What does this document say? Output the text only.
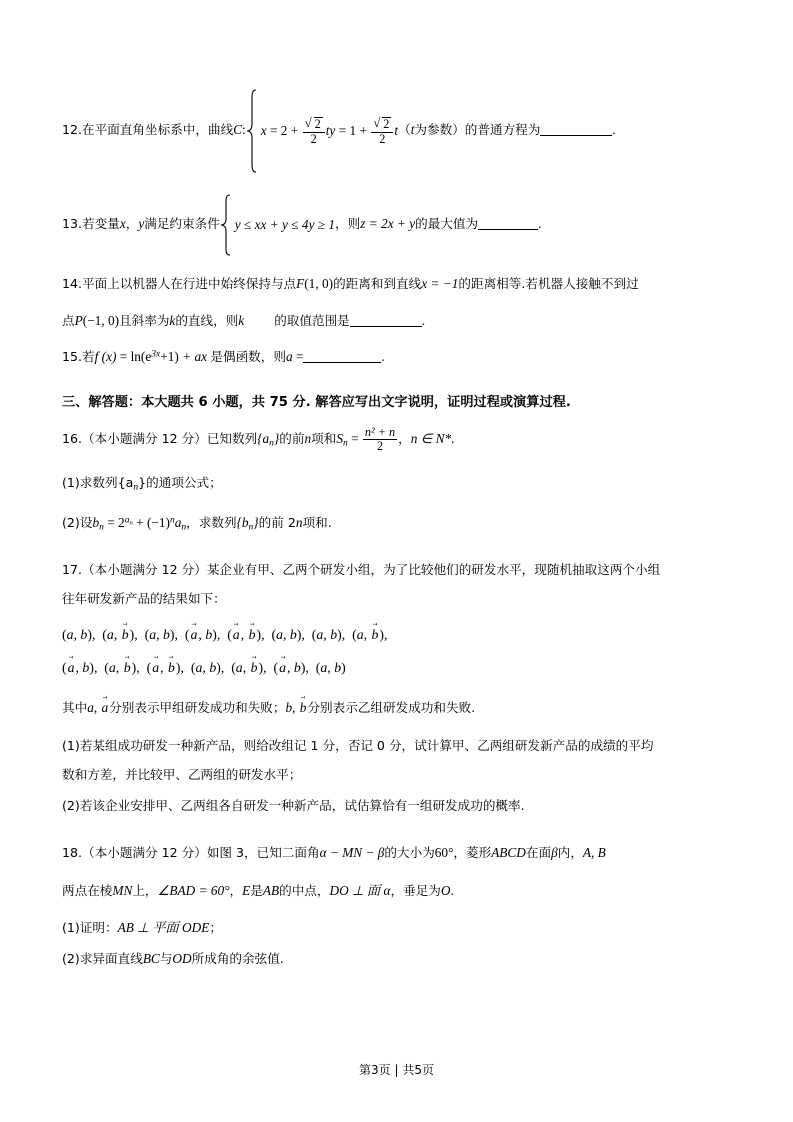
12.在平面直角坐标系中，曲线C: x = 2 + √ $\frac{2}{2}$ ty = 1 + √ $\frac{2}{2}$ t （t为参数）的普通方程为	.
13.若变量x，y满足约束条件 y ≤ xx + y ≤ 4y ≥ 1 ，则z = 2x + y的最大值为	.
14.平面上以机器人在行进中始终保持与点F(1, 0)的距离和到直线x = −1的距离相等.若机器人接触不到过
点P(−1, 0)且斜率为k的直线，则k 的取值范围是	.
15.若f $(x) = \ln(e^{3x}+1)$ + ax 是偶函数，则a =	.
三、解答题：本大题共 6 小题，共 75 分. 解答应写出文字说明，证明过程或演算过程.
16.（本小题满分 12 分）已知数列$\{a_n\}$的前n项和$S_n = \frac{\text{n² + n}}{2}$ ，n ∈ N*.
(1)求数列$\{a_n\}$的通项公式；
(2)设$b_n = 2^{an} + (-1)^na_n$，求数列$\{b_n\}$的前 2n项和.
17.（本小题满分 12 分）某企业有甲、乙两个研发小组，为了比较他们的研发水平，现随机抽取这两个小组
往年研发新产品的结果如下：
(a, b),  (a, b →),  (a, b),  (a →, b),  (a →, b →),  (a, b),  (a, b),  (a, b →),
(a →, b),  (a, b →),  (a →, b →),  (a, b),  (a, b →),  (a →, b),  (a, b)
其中a, a →分别表示甲组研发成功和失败；b, b →分别表示乙组研发成功和失败.
(1)若某组成功研发一种新产品，则给改组记 1 分，否记 0 分，试计算甲、乙两组研发新产品的成绩的平均
数和方差，并比较甲、乙两组的研发水平；
(2)若该企业安排甲、乙两组各自研发一种新产品，试估算恰有一组研发成功的概率.
18.（本小题满分 12 分）如图 3，已知二面角α − MN − β的大小为60°，菱形ABCD在面β内，A, B
两点在棱MN上，∠BAD = 60°，E是AB的中点，DO ⊥ 面 α，垂足为O.
(1)证明：AB ⊥ 平面 ODE；
(2)求异面直线BC与OD所成角的余弦值.
第3页 | 共5页
